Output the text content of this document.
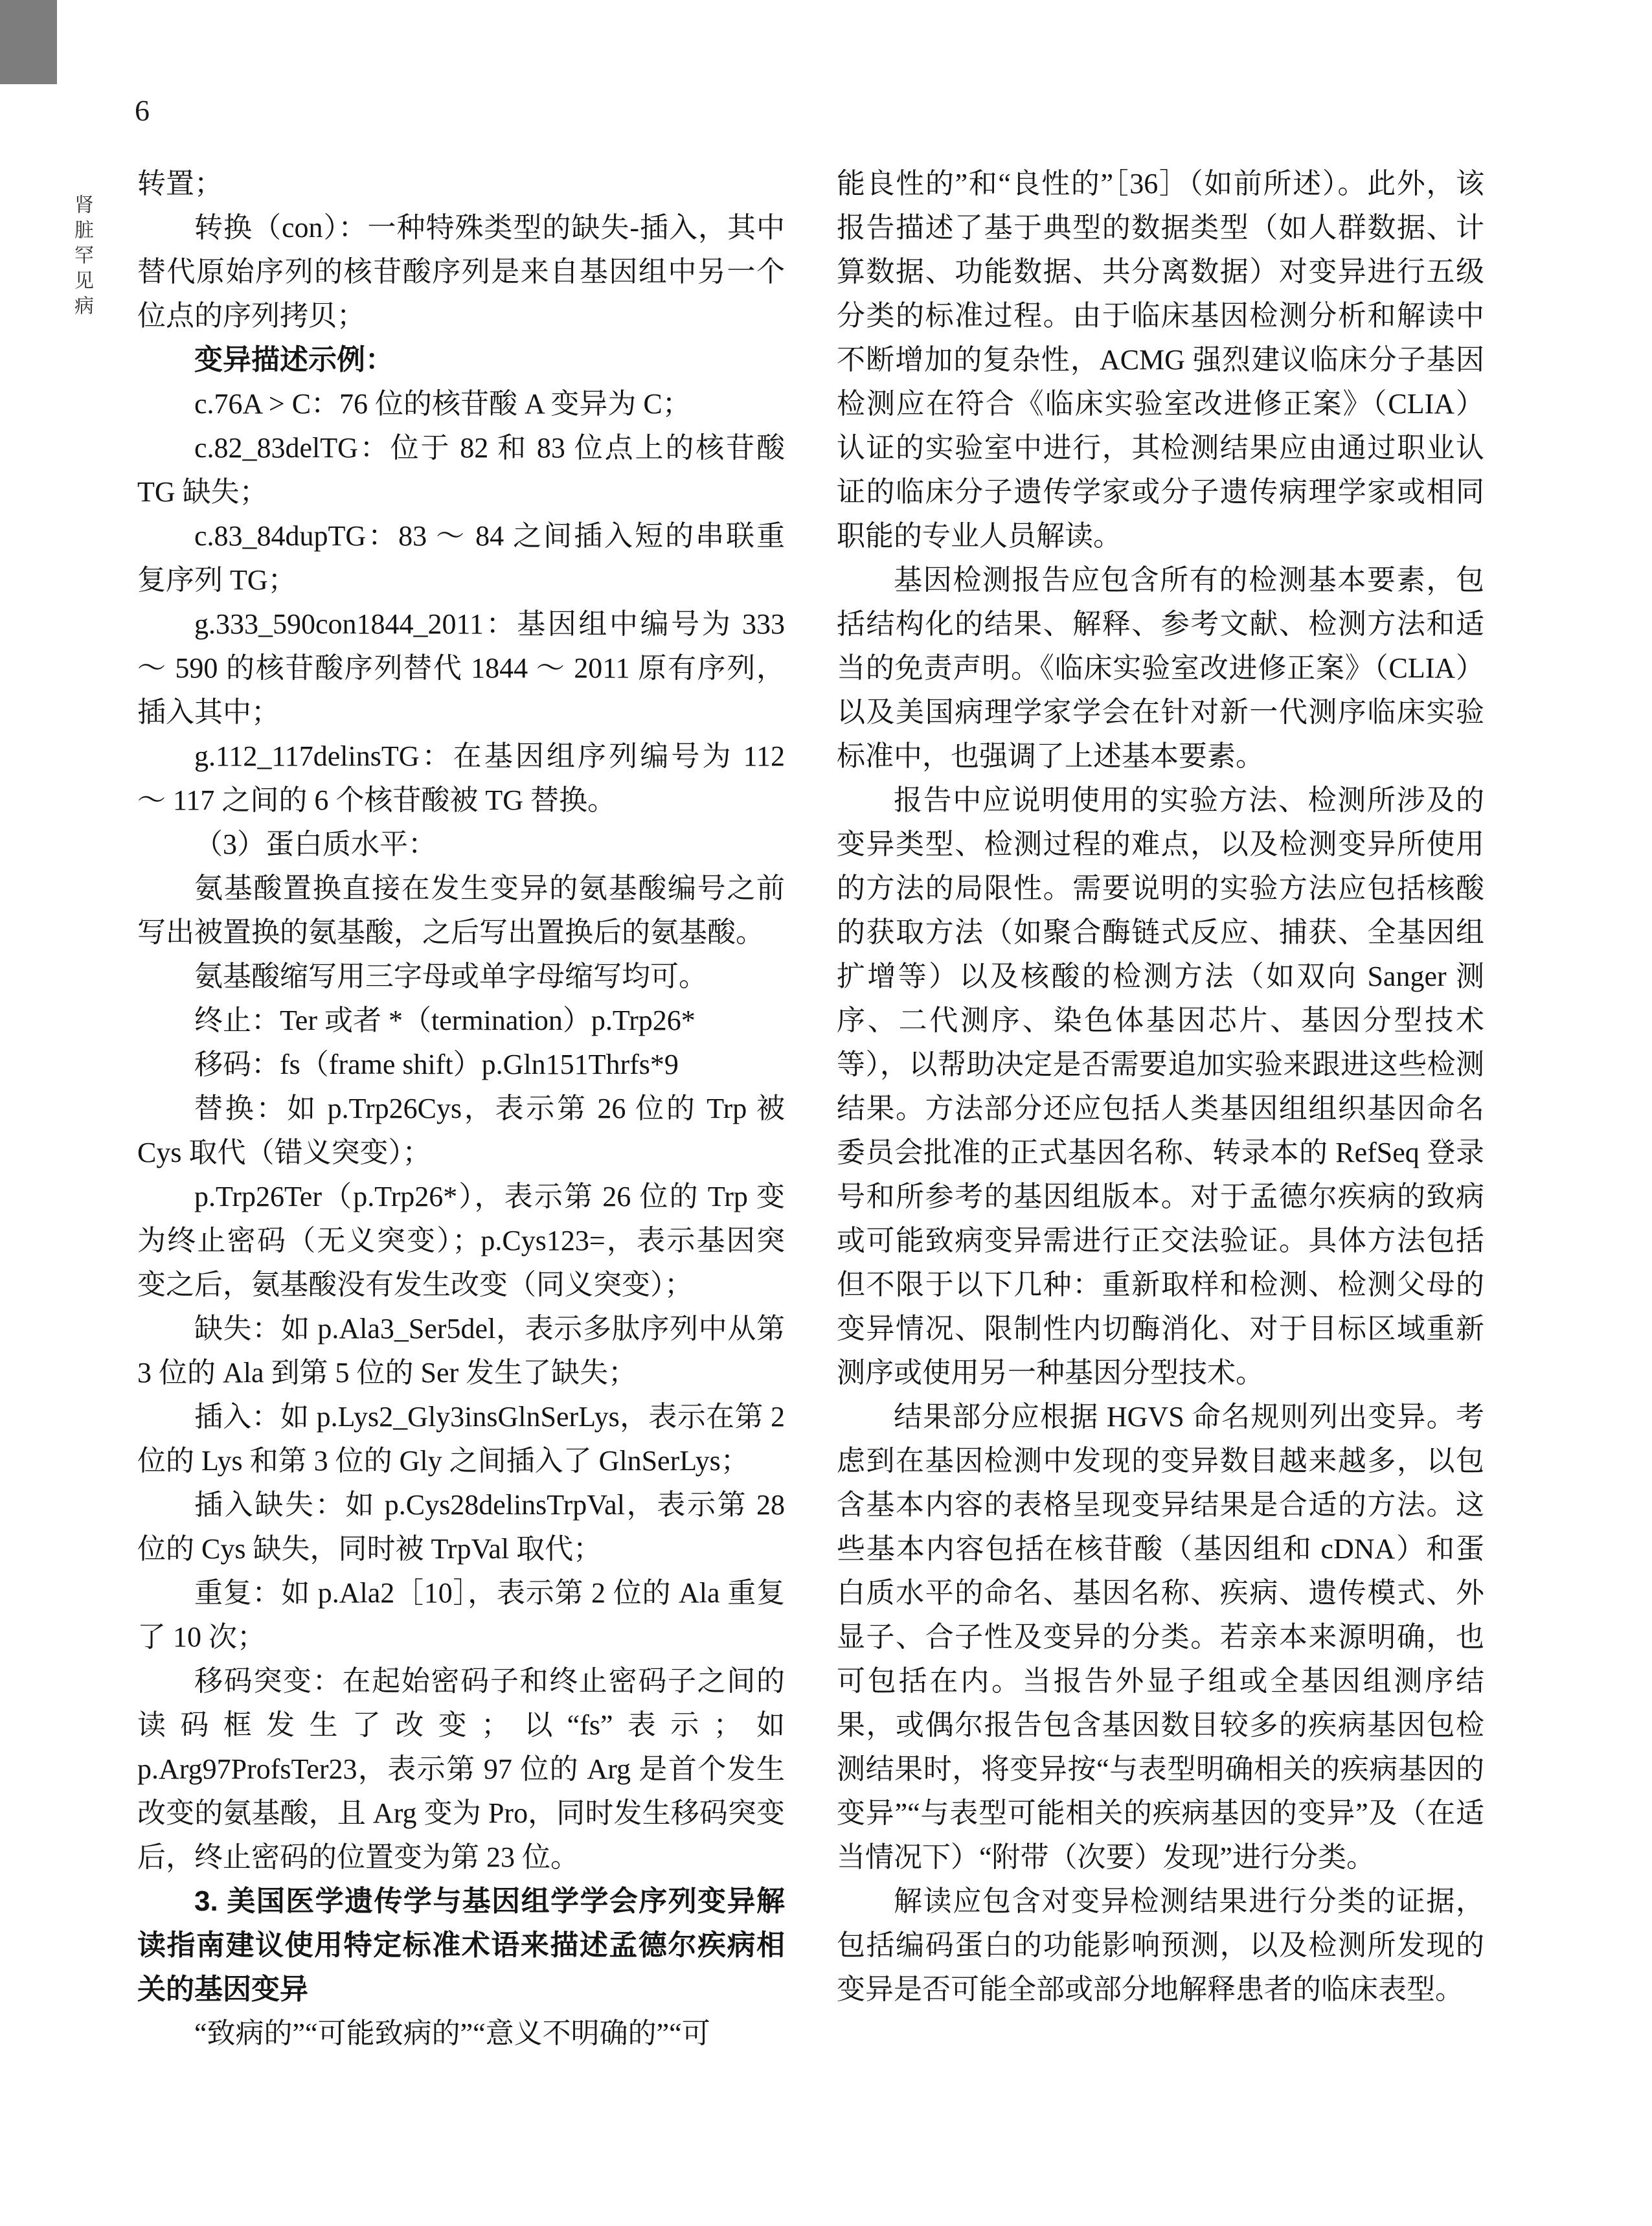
6
肾脏罕见病

转置；

转换（con）：一种特殊类型的缺失-插入，其中替代原始序列的核苷酸序列是来自基因组中另一个位点的序列拷贝；

变异描述示例：

c.76A > C：76 位的核苷酸 A 变异为 C；

c.82_83delTG：位于 82 和 83 位点上的核苷酸 TG 缺失；

c.83_84dupTG：83 ～ 84 之间插入短的串联重复序列 TG；

g.333_590con1844_2011：基因组中编号为 333 ～ 590 的核苷酸序列替代 1844 ～ 2011 原有序列，插入其中；

g.112_117delinsTG：在基因组序列编号为 112 ～ 117 之间的 6 个核苷酸被 TG 替换。

（3）蛋白质水平：

氨基酸置换直接在发生变异的氨基酸编号之前写出被置换的氨基酸，之后写出置换后的氨基酸。

氨基酸缩写用三字母或单字母缩写均可。

终止：Ter 或者 *（termination）p.Trp26*

移码：fs（frame shift）p.Gln151Thrfs*9

替换：如 p.Trp26Cys，表示第 26 位的 Trp 被 Cys 取代（错义突变）；

p.Trp26Ter（p.Trp26*），表示第 26 位的 Trp 变为终止密码（无义突变）；p.Cys123=，表示基因突变之后，氨基酸没有发生改变（同义突变）；

缺失：如 p.Ala3_Ser5del，表示多肽序列中从第 3 位的 Ala 到第 5 位的 Ser 发生了缺失；

插入：如 p.Lys2_Gly3insGlnSerLys，表示在第 2 位的 Lys 和第 3 位的 Gly 之间插入了 GlnSerLys；

插入缺失：如 p.Cys28delinsTrpVal，表示第 28 位的 Cys 缺失，同时被 TrpVal 取代；

重复：如 p.Ala2［10］，表示第 2 位的 Ala 重复了 10 次；

移码突变：在起始密码子和终止密码子之间的读码框发生了改变；以“fs”表示；如 p.Arg97ProfsTer23，表示第 97 位的 Arg 是首个发生改变的氨基酸，且 Arg 变为 Pro，同时发生移码突变后，终止密码的位置变为第 23 位。

3. 美国医学遗传学与基因组学学会序列变异解读指南建议使用特定标准术语来描述孟德尔疾病相关的基因变异

“致病的”“可能致病的”“意义不明确的”“可

能良性的”和“良性的”［36］（如前所述）。此外，该报告描述了基于典型的数据类型（如人群数据、计算数据、功能数据、共分离数据）对变异进行五级分类的标准过程。由于临床基因检测分析和解读中不断增加的复杂性，ACMG 强烈建议临床分子基因检测应在符合《临床实验室改进修正案》（CLIA）认证的实验室中进行，其检测结果应由通过职业认证的临床分子遗传学家或分子遗传病理学家或相同职能的专业人员解读。

基因检测报告应包含所有的检测基本要素，包括结构化的结果、解释、参考文献、检测方法和适当的免责声明。《临床实验室改进修正案》（CLIA）以及美国病理学家学会在针对新一代测序临床实验标准中，也强调了上述基本要素。

报告中应说明使用的实验方法、检测所涉及的变异类型、检测过程的难点，以及检测变异所使用的方法的局限性。需要说明的实验方法应包括核酸的获取方法（如聚合酶链式反应、捕获、全基因组扩增等）以及核酸的检测方法（如双向 Sanger 测序、二代测序、染色体基因芯片、基因分型技术等），以帮助决定是否需要追加实验来跟进这些检测结果。方法部分还应包括人类基因组组织基因命名委员会批准的正式基因名称、转录本的 RefSeq 登录号和所参考的基因组版本。对于孟德尔疾病的致病或可能致病变异需进行正交法验证。具体方法包括但不限于以下几种：重新取样和检测、检测父母的变异情况、限制性内切酶消化、对于目标区域重新测序或使用另一种基因分型技术。

结果部分应根据 HGVS 命名规则列出变异。考虑到在基因检测中发现的变异数目越来越多，以包含基本内容的表格呈现变异结果是合适的方法。这些基本内容包括在核苷酸（基因组和 cDNA）和蛋白质水平的命名、基因名称、疾病、遗传模式、外显子、合子性及变异的分类。若亲本来源明确，也可包括在内。当报告外显子组或全基因组测序结果，或偶尔报告包含基因数目较多的疾病基因包检测结果时，将变异按“与表型明确相关的疾病基因的变异”“与表型可能相关的疾病基因的变异”及（在适当情况下）“附带（次要）发现”进行分类。

解读应包含对变异检测结果进行分类的证据，包括编码蛋白的功能影响预测，以及检测所发现的变异是否可能全部或部分地解释患者的临床表型。
